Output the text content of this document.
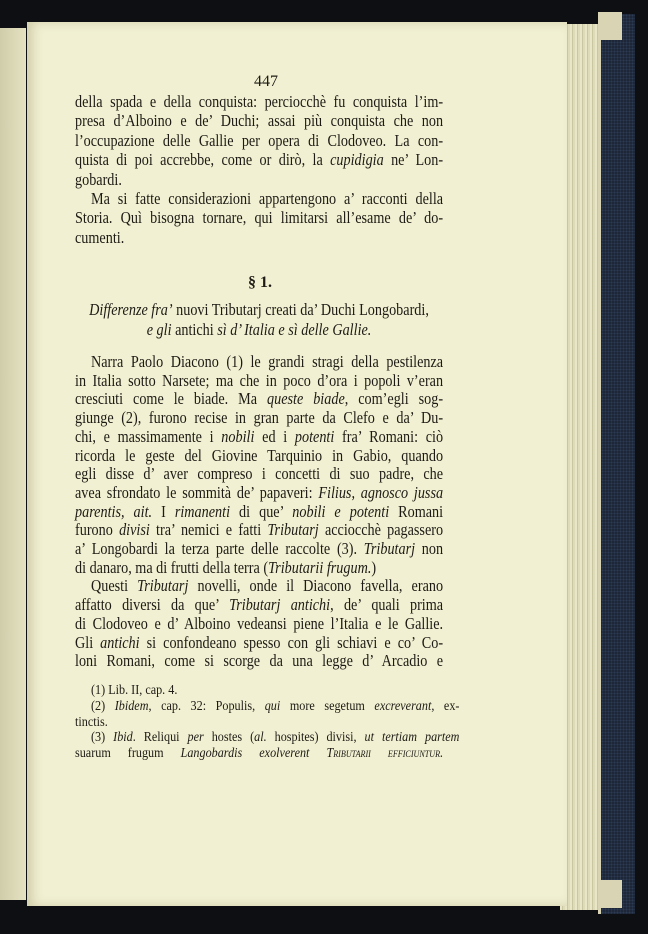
447
§ 1.
della spada e della conquista: perciocchè fu conquista l’im-
presa d’Alboino e de’ Duchi; assai più conquista che non
l’occupazione delle Gallie per opera di Clodoveo. La con-
quista di poi accrebbe, come or dirò, la cupidigia ne’ Lon-
gobardi.
Ma si fatte considerazioni appartengono a’ racconti della
Storia. Quì bisogna tornare, qui limitarsi all’esame de’ do-
cumenti.
Differenze fra’ nuovi Tributarj creati da’ Duchi Longobardi,
e gli antichi sì d’ Italia e sì delle Gallie.
Narra Paolo Diacono (1) le grandi stragi della pestilenza
in Italia sotto Narsete; ma che in poco d’ora i popoli v’eran
cresciuti come le biade. Ma queste biade, com’egli sog-
giunge (2), furono recise in gran parte da Clefo e da’ Du-
chi, e massimamente i nobili ed i potenti fra’ Romani: ciò
ricorda le geste del Giovine Tarquinio in Gabio, quando
egli disse d’ aver compreso i concetti di suo padre, che
avea sfrondato le sommità de’ papaveri: Filius, agnosco jussa
parentis, ait. I rimanenti di que’ nobili e potenti Romani
furono divisi tra’ nemici e fatti Tributarj acciocchè pagassero
a’ Longobardi la terza parte delle raccolte (3). Tributarj non
di danaro, ma di frutti della terra (Tributarii frugum.)
Questi Tributarj novelli, onde il Diacono favella, erano
affatto diversi da que’ Tributarj antichi, de’ quali prima
di Clodoveo e d’ Alboino vedeansi piene l’Italia e le Gallie.
Gli antichi si confondeano spesso con gli schiavi e co’ Co-
loni Romani, come si scorge da una legge d’ Arcadio e
(1) Lib. II, cap. 4.
(2) Ibidem, cap. 32: Populis, qui more segetum excreverant, ex-
tinctis.
(3) Ibid. Reliqui per hostes (al. hospites) divisi, ut tertiam partem
suarum frugum Langobardis exolverent Tributarii efficiuntur.
